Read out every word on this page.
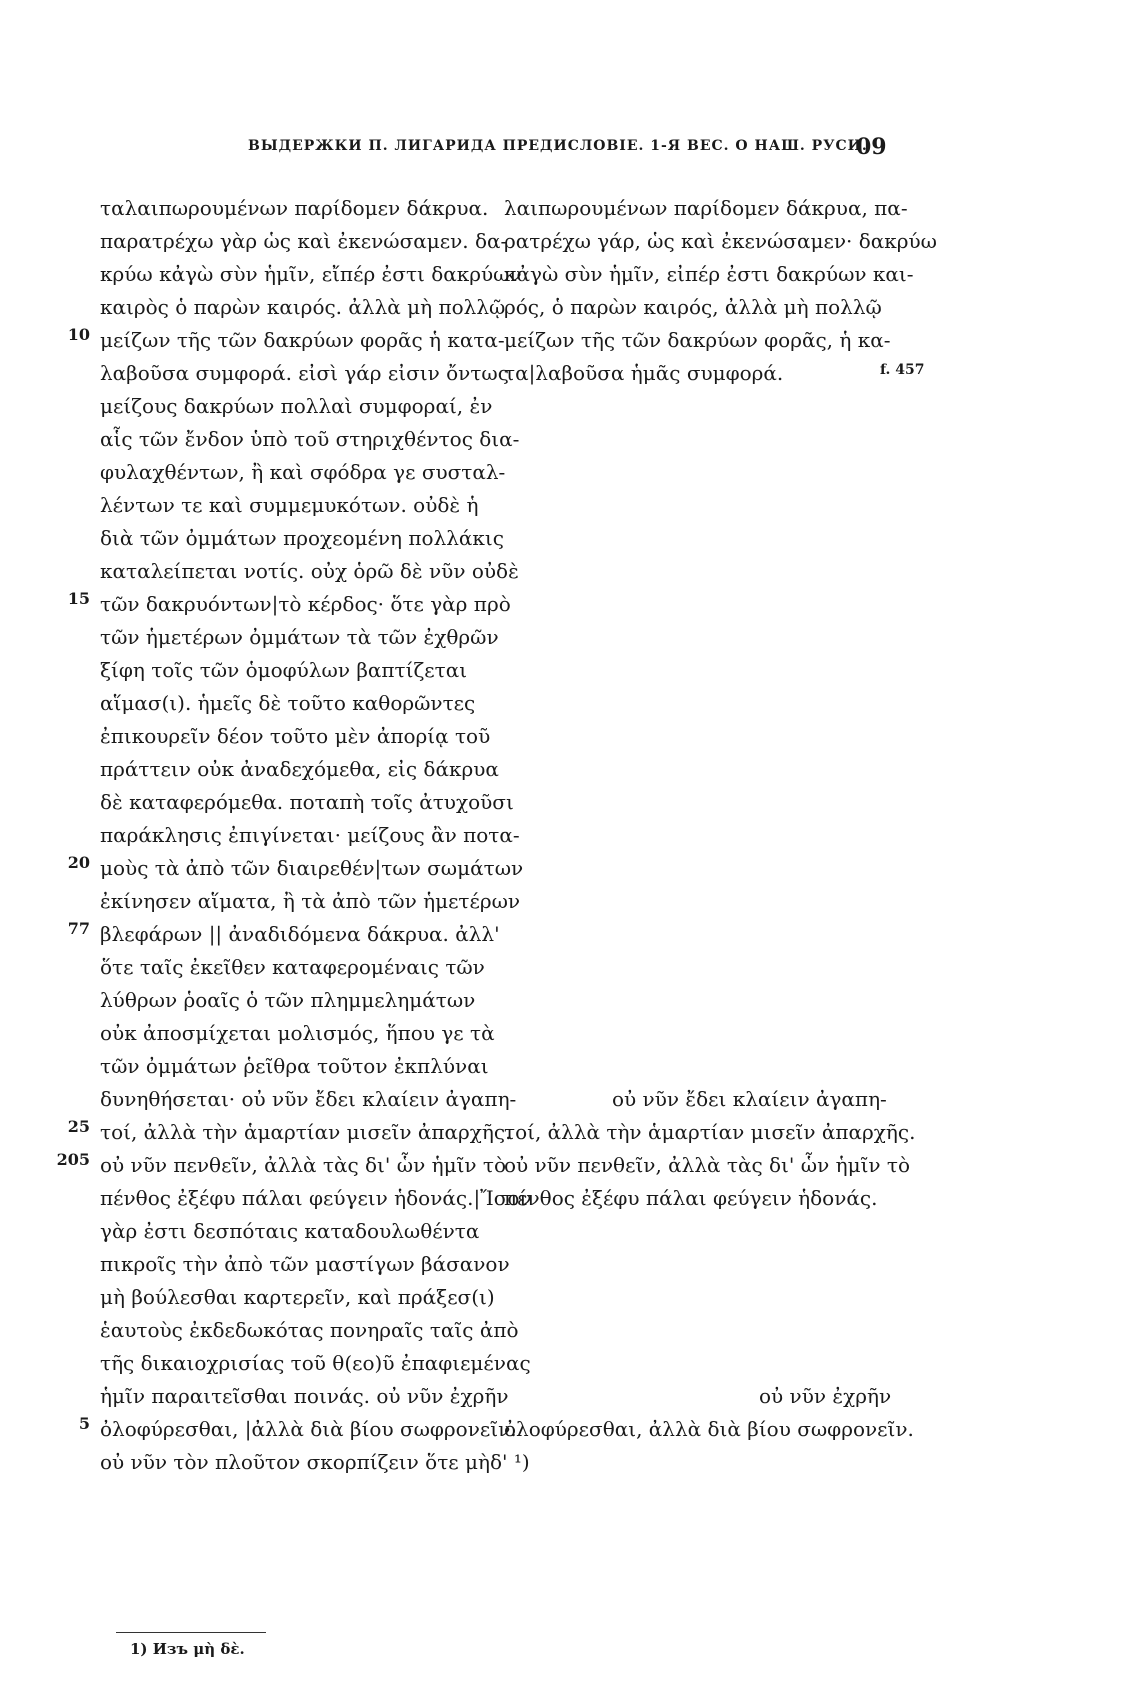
ВЫДЕРЖКИ П. ЛИГАРИДА ПРЕДИСЛОВІЕ. 1-Я ВЕС. О НАШ. РУСИ.
09
ταλαιπωρουμένων παρίδομεν δάκρυα.
παρατρέχω γὰρ ὡς καὶ ἐκενώσαμεν. δα-
κρύω κἀγὼ σὺν ἡμῖν, εἴπέρ ἐστι δακρύων
καιρὸς ὁ παρὼν καιρός. ἀλλὰ μὴ πολλῷ
μείζων τῆς τῶν δακρύων φορᾶς ἡ κατα-
λαβοῦσα συμφορά. εἰσὶ γάρ εἰσιν ὄντως
μείζους δακρύων πολλαὶ συμφοραί, ἐν
αἷς τῶν ἔνδον ὑπὸ τοῦ στηριχθέντος δια-
φυλαχθέντων, ἢ καὶ σφόδρα γε συσταλ-
λέντων τε καὶ συμμεμυκότων. οὐδὲ ἡ
διὰ τῶν ὀμμάτων προχεομένη πολλάκις
καταλείπεται νοτίς. οὐχ ὁρῶ δὲ νῦν οὐδὲ
τῶν δακρυόντων|τὸ κέρδος· ὅτε γὰρ πρὸ
τῶν ἡμετέρων ὀμμάτων τὰ τῶν ἐχθρῶν
ξίφη τοῖς τῶν ὁμοφύλων βαπτίζεται
αἵμασ(ι). ἡμεῖς δὲ τοῦτο καθορῶντες
ἐπικουρεῖν δέον τοῦτο μὲν ἀπορίᾳ τοῦ
πράττειν οὐκ ἀναδεχόμεθα, εἰς δάκρυα
δὲ καταφερόμεθα. ποταπὴ τοῖς ἀτυχοῦσι
παράκλησις ἐπιγίνεται· μείζους ἂν ποτα-
μοὺς τὰ ἀπὸ τῶν διαιρεθέν|των σωμάτων
ἐκίνησεν αἵματα, ἢ τὰ ἀπὸ τῶν ἡμετέρων
βλεφάρων || ἀναδιδόμενα δάκρυα. ἀλλ'
ὅτε ταῖς ἐκεῖθεν καταφερομέναις τῶν
λύθρων ῥοαῖς ὁ τῶν πλημμελημάτων
οὐκ ἀποσμίχεται μολισμός, ἥπου γε τὰ
τῶν ὀμμάτων ῥεῖθρα τοῦτον ἐκπλύναι
δυνηθήσεται· οὐ νῦν ἔδει κλαίειν ἀγαπη-
τοί, ἀλλὰ τὴν ἁμαρτίαν μισεῖν ἀπαρχῆς.
οὐ νῦν πενθεῖν, ἀλλὰ τὰς δι' ὧν ἡμῖν τὸ
πένθος ἐξέφυ πάλαι φεύγειν ἡδονάς.|Ἴσον
γὰρ ἐστι δεσπόταις καταδουλωθέντα
πικροῖς τὴν ἀπὸ τῶν μαστίγων βάσανον
μὴ βούλεσθαι καρτερεῖν, καὶ πράξεσ(ι)
ἑαυτοὺς ἐκδεδωκότας πονηραῖς ταῖς ἀπὸ
τῆς δικαιοχρισίας τοῦ θ(εο)ῦ ἐπαφιεμένας
ἡμῖν παραιτεῖσθαι ποινάς. οὐ νῦν ἐχρῆν
ὀλοφύρεσθαι, |ἀλλὰ διὰ βίου σωφρονεῖν.
οὐ νῦν τὸν πλοῦτον σκορπίζειν ὅτε μὴδ' ¹)
10
15
20
77
25
205
5
λαιπωρουμένων παρίδομεν δάκρυα, πα-
ρατρέχω γάρ, ὡς καὶ ἐκενώσαμεν· δακρύω
κἀγὼ σὺν ἡμῖν, εἰπέρ ἐστι δακρύων και-
ρός, ὁ παρὼν καιρός, ἀλλὰ μὴ πολλῷ
μείζων τῆς τῶν δακρύων φορᾶς, ἡ κα-
τα|λαβοῦσα ἡμᾶς συμφορά.
οὐ νῦν ἔδει κλαίειν ἀγαπη-
τοί, ἀλλὰ τὴν ἁμαρτίαν μισεῖν ἀπαρχῆς.
οὐ νῦν πενθεῖν, ἀλλὰ τὰς δι' ὧν ἡμῖν τὸ
πένθος ἐξέφυ πάλαι φεύγειν ἡδονάς.
οὐ νῦν ἐχρῆν
ὀλοφύρεσθαι, ἀλλὰ διὰ βίου σωφρονεῖν.
f. 457
1) Изъ μὴ δὲ.
